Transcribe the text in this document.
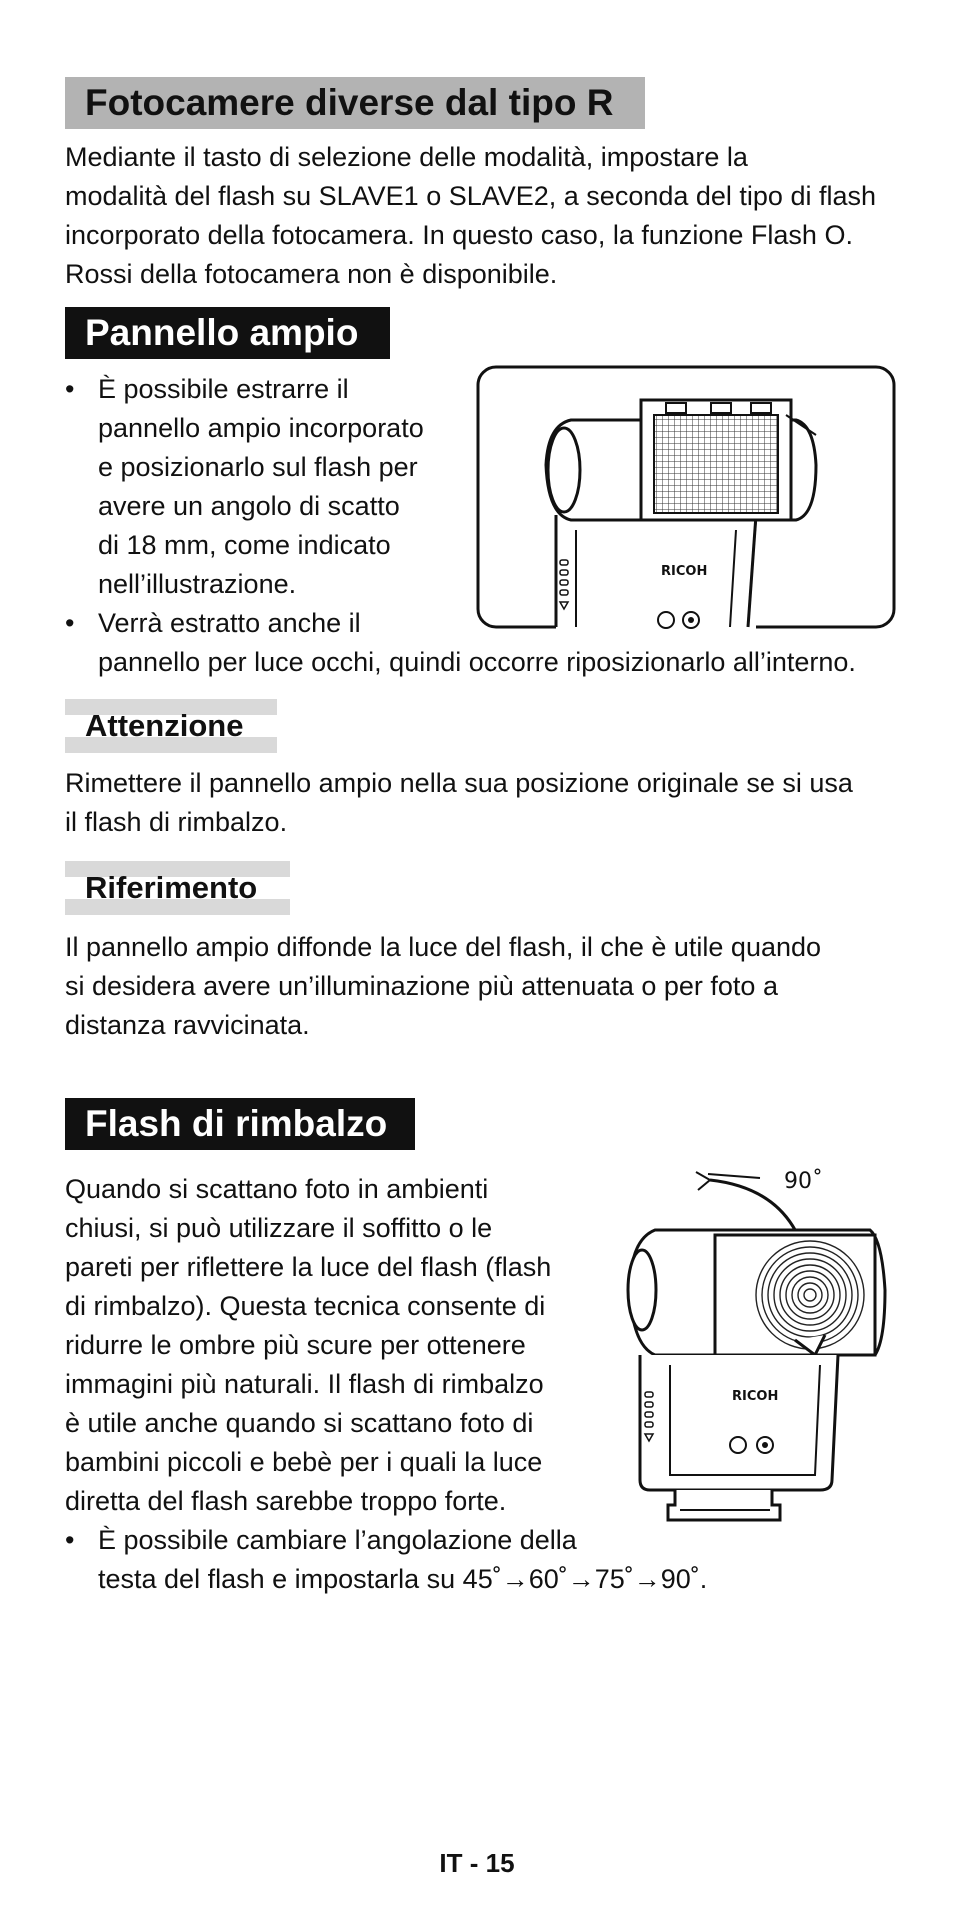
Fotocamere diverse dal tipo R

Mediante il tasto di selezione delle modalità, impostare la

modalità del flash su SLAVE1 o SLAVE2, a seconda del tipo di flash

incorporato della fotocamera. In questo caso, la funzione Flash O.

Rossi della fotocamera non è disponibile.

Pannello ampio
• È possibile estrarre il

pannello ampio incorporato

e posizionarlo sul flash per

avere un angolo di scatto

di 18 mm, come indicato

nell’illustrazione.

• Verrà estratto anche il

pannello per luce occhi, quindi occorre riposizionarlo all’interno.

RICOH
Attenzione

Rimettere il pannello ampio nella sua posizione originale se si usa

il flash di rimbalzo.

Riferimento

Il pannello ampio diffonde la luce del flash, il che è utile quando

si desidera avere un’illuminazione più attenuata o per foto a

distanza ravvicinata.

Flash di rimbalzo

Quando si scattano foto in ambienti

chiusi, si può utilizzare il soffitto o le

pareti per riflettere la luce del flash (flash

di rimbalzo). Questa tecnica consente di

ridurre le ombre più scure per ottenere

immagini più naturali. Il flash di rimbalzo

è utile anche quando si scattano foto di

bambini piccoli e bebè per i quali la luce

diretta del flash sarebbe troppo forte.

• È possibile cambiare l’angolazione della

testa del flash e impostarla su 45˚→60˚→75˚→90˚.

90˚
RICOH
IT - 15
